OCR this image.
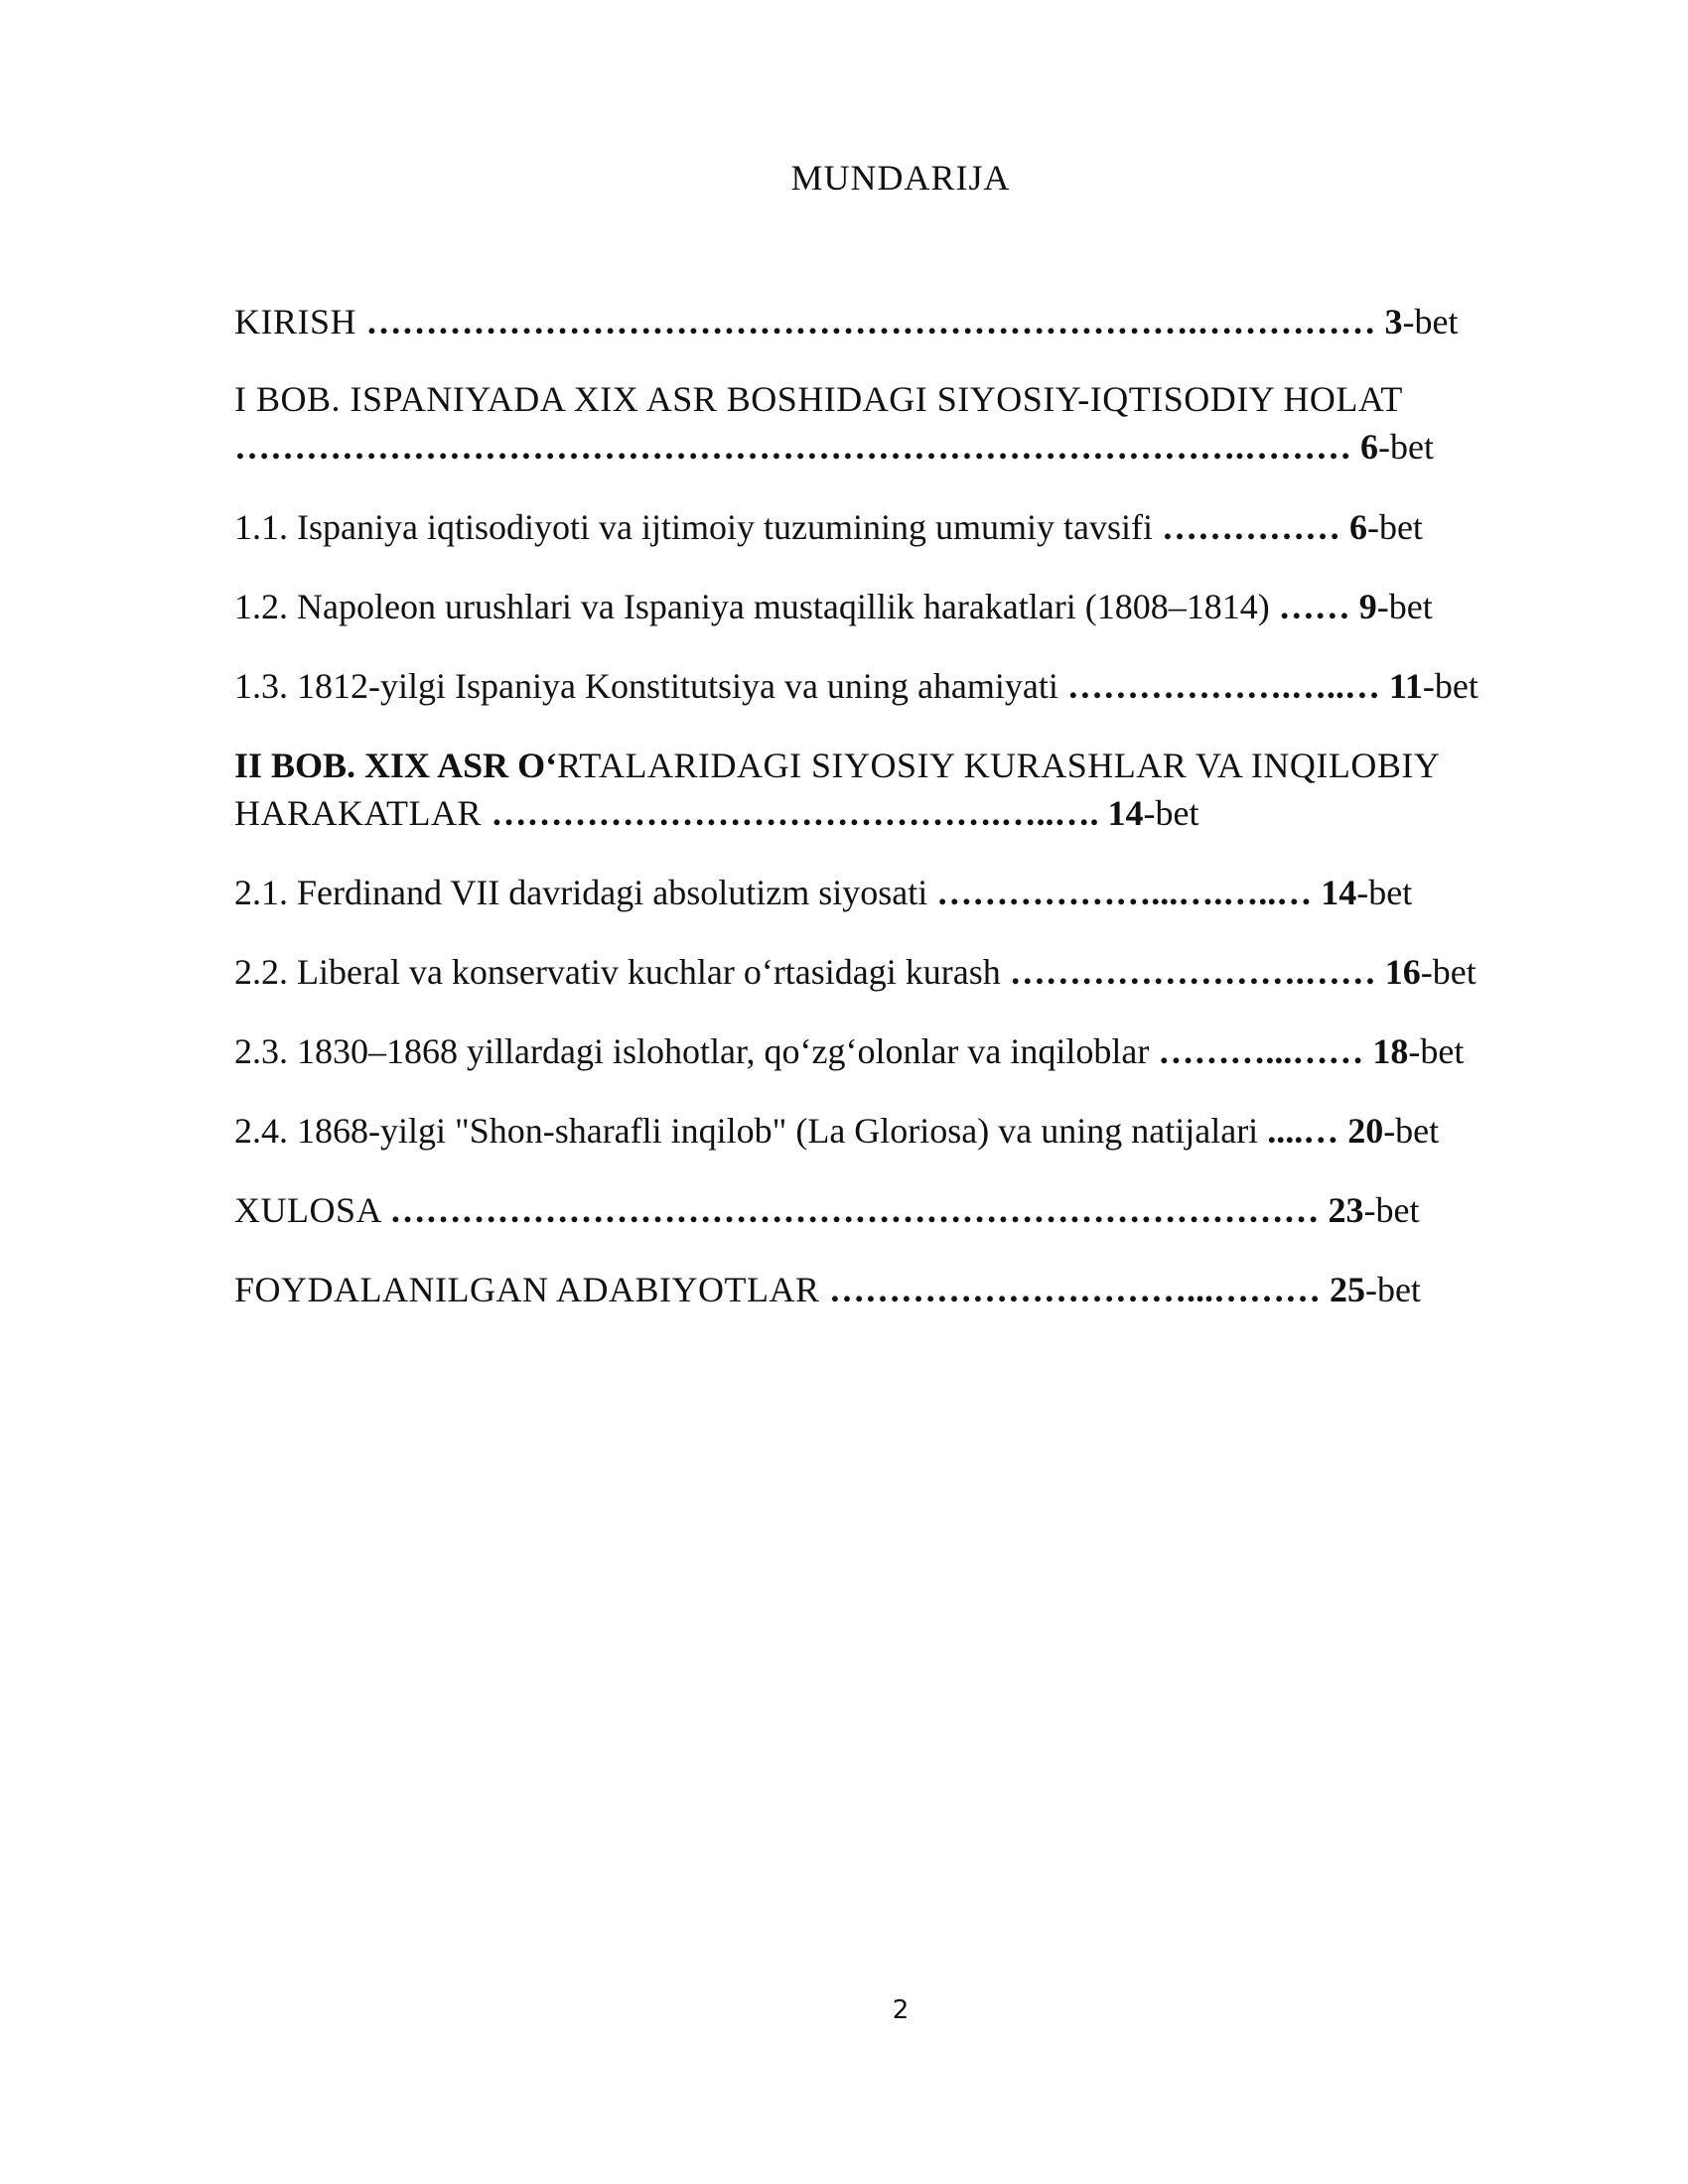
MUNDARIJA
KIRISH …………………………………………………………….…………… 3-bet
I BOB. ISPANIYADA XIX ASR BOSHIDAGI SIYOSIY-IQTISODIY HOLAT
………………………………………………………………………….……… 6-bet
1.1. Ispaniya iqtisodiyoti va ijtimoiy tuzumining umumiy tavsifi …………… 6-bet
1.2. Napoleon urushlari va Ispaniya mustaqillik harakatlari (1808–1814) …… 9-bet
1.3. 1812-yilgi Ispaniya Konstitutsiya va uning ahamiyati ……………….…..… 11-bet
II BOB. XIX ASR O‘RTALARIDAGI SIYOSIY KURASHLAR VA INQILOBIY HARAKATLAR …………………………………….…..…. 14-bet
2.1. Ferdinand VII davridagi absolutizm siyosati ………………...….…..… 14-bet
2.2. Liberal va konservativ kuchlar o‘rtasidagi kurash …………………….…… 16-bet
2.3. 1830–1868 yillardagi islohotlar, qo‘zg‘olonlar va inqiloblar ………...…… 18-bet
2.4. 1868-yilgi "Shon-sharafli inqilob" (La Gloriosa) va uning natijalari ....… 20-bet
XULOSA …………………………………………………………………… 23-bet
FOYDALANILGAN ADABIYOTLAR …………………………...……… 25-bet
2
